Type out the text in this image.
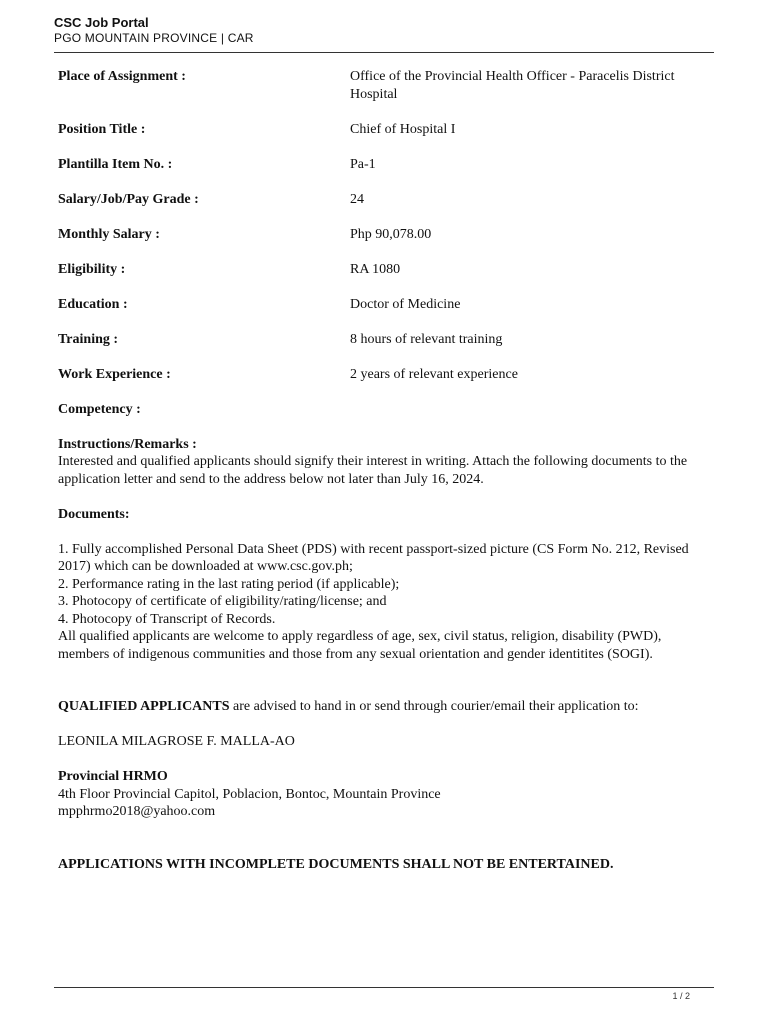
CSC Job Portal
PGO MOUNTAIN PROVINCE | CAR
Place of Assignment :	Office of the Provincial Health Officer - Paracelis District Hospital
Position Title :	Chief of Hospital I
Plantilla Item No. :	Pa-1
Salary/Job/Pay Grade :	24
Monthly Salary :	Php 90,078.00
Eligibility :	RA 1080
Education :	Doctor of Medicine
Training :	8 hours of relevant training
Work Experience :	2 years of relevant experience
Competency :
Instructions/Remarks :

Interested and qualified applicants should signify their interest in writing. Attach the following documents to the application letter and send to the address below not later than July 16, 2024.

Documents:
1. Fully accomplished Personal Data Sheet (PDS) with recent passport-sized picture (CS Form No. 212, Revised 2017) which can be downloaded at www.csc.gov.ph;
2. Performance rating in the last rating period (if applicable);
3. Photocopy of certificate of eligibility/rating/license; and
4. Photocopy of Transcript of Records.

All qualified applicants are welcome to apply regardless of age, sex, civil status, religion, disability (PWD), members of indigenous communities and those from any sexual orientation and gender identitites (SOGI).

QUALIFIED APPLICANTS are advised to hand in or send through courier/email their application to:

LEONILA MILAGROSE F. MALLA-AO
Provincial HRMO
4th Floor Provincial Capitol, Poblacion, Bontoc, Mountain Province
mpphrmo2018@yahoo.com
APPLICATIONS WITH INCOMPLETE DOCUMENTS SHALL NOT BE ENTERTAINED.
1 / 2
